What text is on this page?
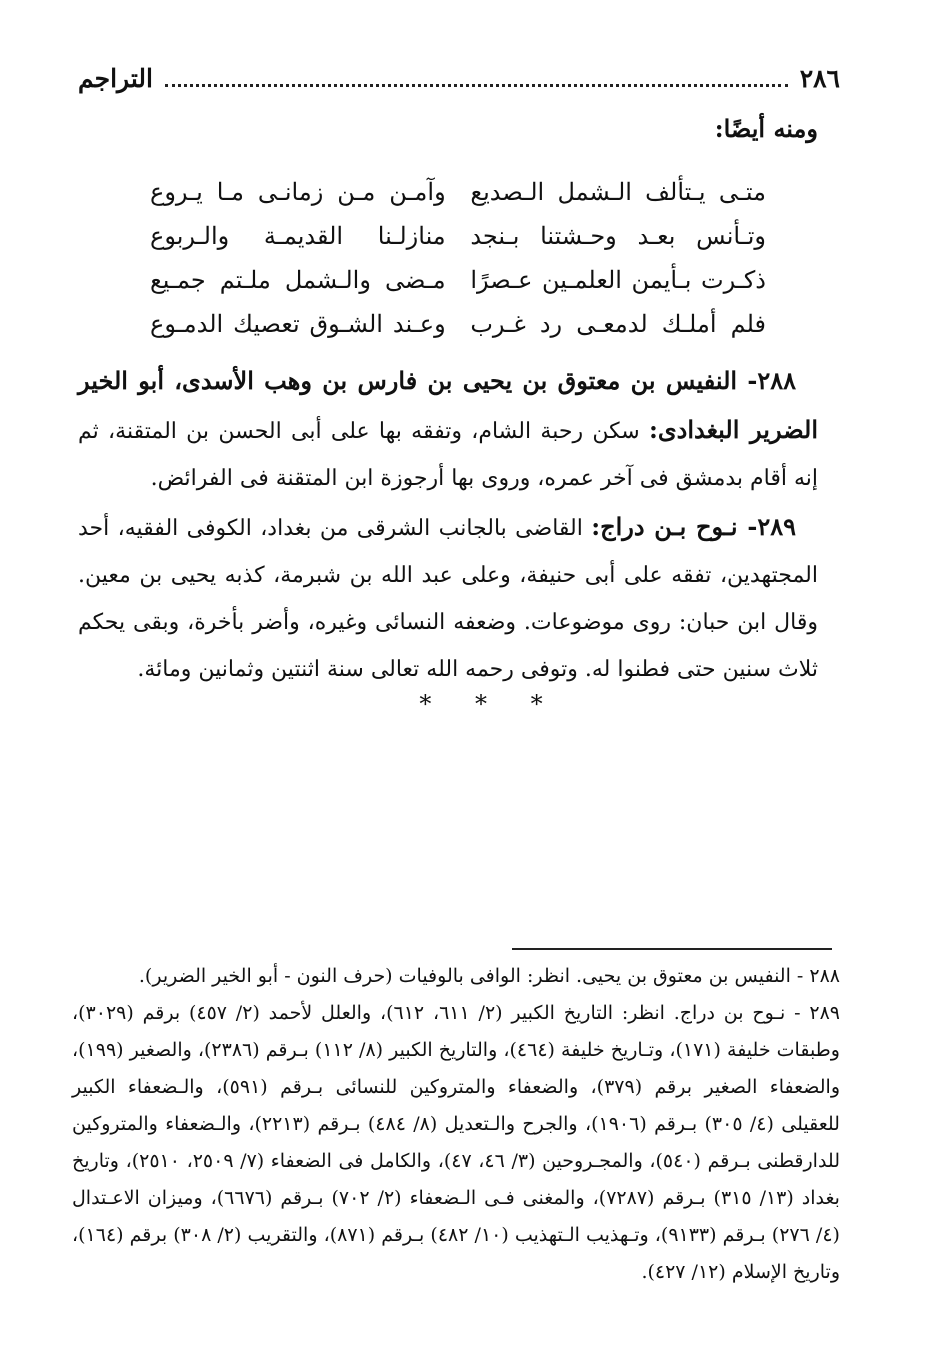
٢٨٦
التراجم
ومنه أيضًا:
متـى يـتألف الـشمل الـصديع
وآمـن مـن زمانـى مـا يـروع
وتـأنس بعـد وحـشتنا بـنجد
منازلـنا القديمـة والـربوع
ذكـرت بـأيمن العلمـين عـصرًا
مـضى والـشمل ملـتم جمـيع
فلم أملـك لدمعـى رد غـرب
وعـند الشـوق تعصيك الدمـوع

٢٨٨- النفيس بن معتوق بن يحيى بن فارس بن وهب الأسدى، أبو الخير الضرير البغدادى: سكن رحبة الشام، وتفقه بها على أبى الحسن بن المتقنة، ثم إنه أقام بدمشق فى آخر عمره، وروى بها أرجوزة ابن المتقنة فى الفرائض.

٢٨٩- نـوح بـن دراج: القاضى بالجانب الشرقى من بغداد، الكوفى الفقيه، أحد المجتهدين، تفقه على أبى حنيفة، وعلى عبد الله بن شبرمة، كذبه يحيى بن معين. وقال ابن حبان: روى موضوعات. وضعفه النسائى وغيره، وأضر بأخرة، وبقى يحكم ثلاث سنين حتى فطنوا له. وتوفى رحمه الله تعالى سنة اثنتين وثمانين ومائة.

* * *

٢٨٨ - النفيس بن معتوق بن يحيى. انظر: الوافى بالوفيات (حرف النون - أبو الخير الضرير).

٢٨٩ - نـوح بن دراج. انظر: التاريخ الكبير (٢/ ٦١١، ٦١٢)، والعلل لأحمد (٢/ ٤٥٧) برقم (٣٠٢٩)، وطبقات خليفة (١٧١)، وتـاريخ خليفة (٤٦٤)، والتاريخ الكبير (٨/ ١١٢) بـرقم (٢٣٨٦)، والصغير (١٩٩)، والضعفاء الصغير برقم (٣٧٩)، والضعفاء والمتروكين للنسائى بـرقم (٥٩١)، والـضعفاء الكبير للعقيلى (٤/ ٣٠٥) بـرقم (١٩٠٦)، والجرح والـتعديل (٨/ ٤٨٤) بـرقم (٢٢١٣)، والـضعفاء والمتروكين للدارقطنى بـرقم (٥٤٠)، والمجـروحين (٣/ ٤٦، ٤٧)، والكامل فى الضعفاء (٧/ ٢٥٠٩، ٢٥١٠)، وتاريخ بغداد (١٣/ ٣١٥) بـرقم (٧٢٨٧)، والمغنى فـى الـضعفاء (٢/ ٧٠٢) بـرقم (٦٦٧٦)، وميزان الاعـتدال (٤/ ٢٧٦) بـرقم (٩١٣٣)، وتـهذيب الـتهذيب (١٠/ ٤٨٢) بـرقم (٨٧١)، والتقريب (٢/ ٣٠٨) برقم (١٦٤)، وتاريخ الإسلام (١٢/ ٤٢٧).
